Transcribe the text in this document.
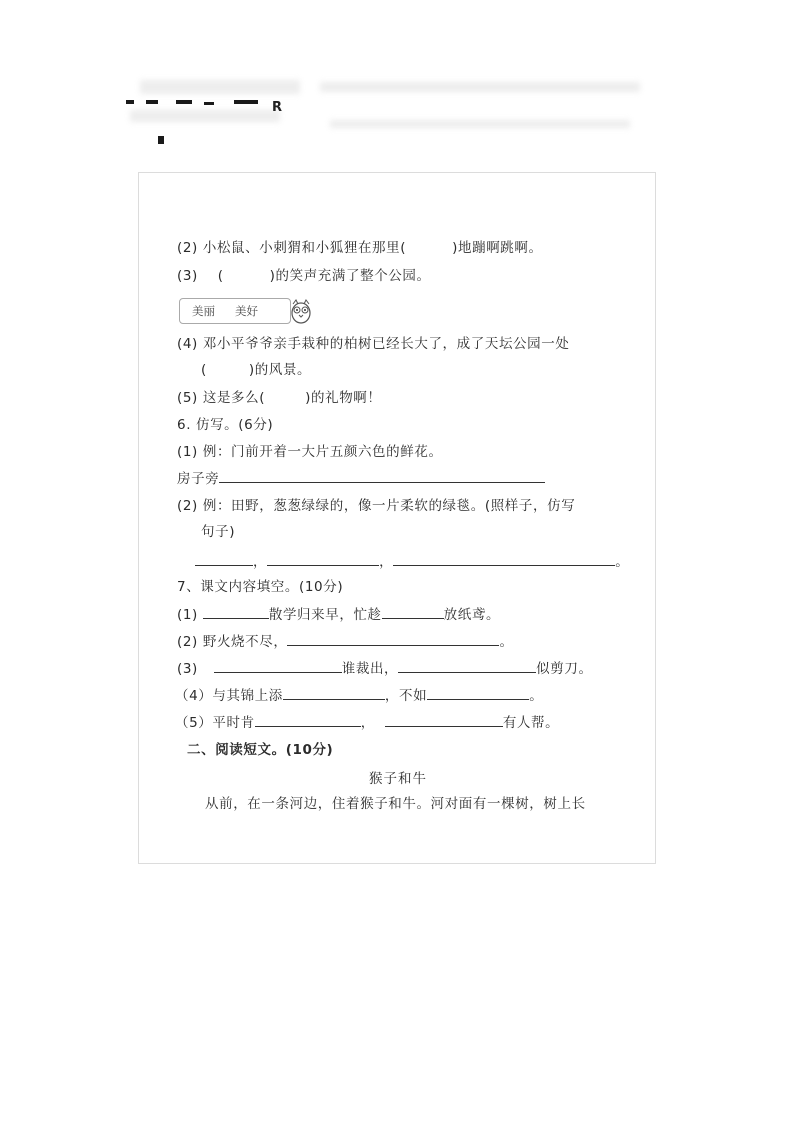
R
(2) 小松鼠、小刺猬和小狐狸在那里(	)地蹦啊跳啊。
(3) (	)的笑声充满了整个公园。
美丽 美好
(4) 邓小平爷爷亲手栽种的柏树已经长大了，成了天坛公园一处
(	)的风景。
(5) 这是多么(	)的礼物啊！
6. 仿写。(6分)
(1) 例：门前开着一大片五颜六色的鲜花。
房子旁
(2) 例：田野，葱葱绿绿的，像一片柔软的绿毯。(照样子，仿写
句子)
，	，	。
7、课文内容填空。(10分)
(1)	散学归来早，忙趁	放纸鸢。
(2) 野火烧不尽，	。
(3)	谁裁出，	似剪刀。
（4）与其锦上添	，不如	。
（5）平时肯	，	有人帮。
二、阅读短文。(10分)
猴子和牛
从前，在一条河边，住着猴子和牛。河对面有一棵树，树上长
